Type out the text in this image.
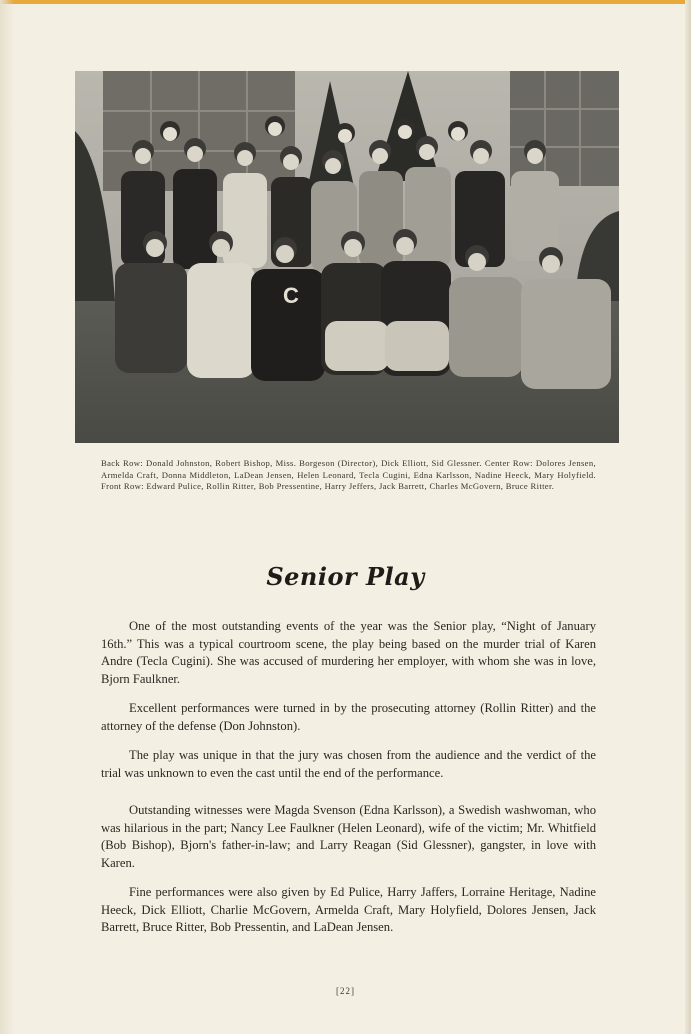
C
Back Row: Donald Johnston, Robert Bishop, Miss. Borgeson (Director), Dick Elliott, Sid Glessner. Center Row: Dolores Jensen, Armelda Craft, Donna Middleton, LaDean Jensen, Helen Leonard, Tecla Cugini, Edna Karlsson, Nadine Heeck, Mary Holyfield. Front Row: Edward Pulice, Rollin Ritter, Bob Pressentine, Harry Jeffers, Jack Barrett, Charles McGovern, Bruce Ritter.
Senior Play

One of the most outstanding events of the year was the Senior play, “Night of January 16th.” This was a typical courtroom scene, the play being based on the murder trial of Karen Andre (Tecla Cugini). She was accused of murdering her employer, with whom she was in love, Bjorn Faulkner.

Excellent performances were turned in by the prosecuting attorney (Rollin Ritter) and the attorney of the defense (Don Johnston).

The play was unique in that the jury was chosen from the audience and the verdict of the trial was unknown to even the cast until the end of the performance.

Outstanding witnesses were Magda Svenson (Edna Karlsson), a Swedish washwoman, who was hilarious in the part; Nancy Lee Faulkner (Helen Leonard), wife of the victim; Mr. Whitfield (Bob Bishop), Bjorn's father-in-law; and Larry Reagan (Sid Glessner), gangster, in love with Karen.

Fine performances were also given by Ed Pulice, Harry Jaffers, Lorraine Heritage, Nadine Heeck, Dick Elliott, Charlie McGovern, Armelda Craft, Mary Holyfield, Dolores Jensen, Jack Barrett, Bruce Ritter, Bob Pressentin, and LaDean Jensen.

[22]
